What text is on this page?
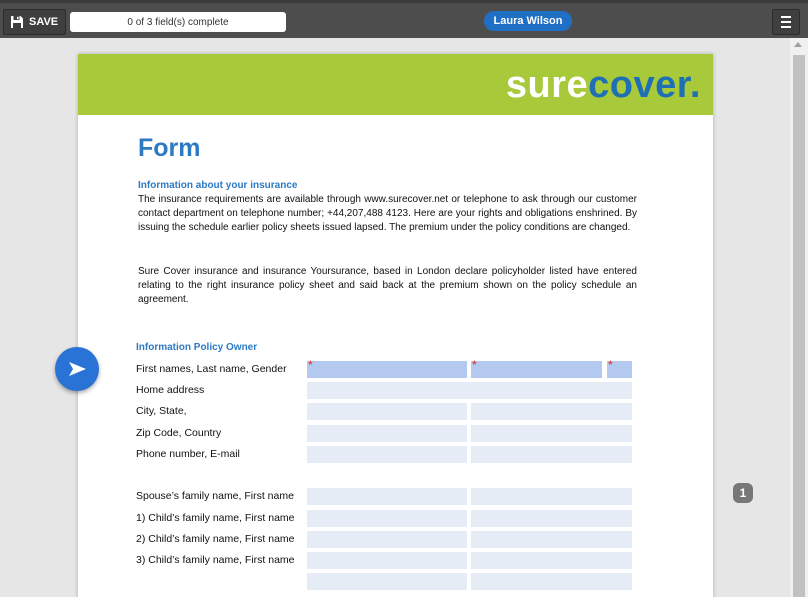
SAVE	0 of 3 field(s) complete	Laura Wilson
surecover.
Form
Information about your insurance
The insurance requirements are available through www.surecover.net or telephone to ask through our customer contact department on telephone number; +44,207,488 4123. Here are your rights and obligations enshrined. By issuing the schedule earlier policy sheets issued lapsed. The premium under the policy conditions are changed.
Sure Cover insurance and insurance Yoursurance, based in London declare policyholder listed have entered relating to the right insurance policy sheet and said back at the premium shown on the policy schedule an agreement.
Information Policy Owner
First names, Last name, Gender *	*	*
Home address
City, State,
Zip Code, Country
Phone number, E-mail
Spouse’s family name, First name
1) Child’s family name, First name
2) Child’s family name, First name
3) Child’s family name, First name
1
